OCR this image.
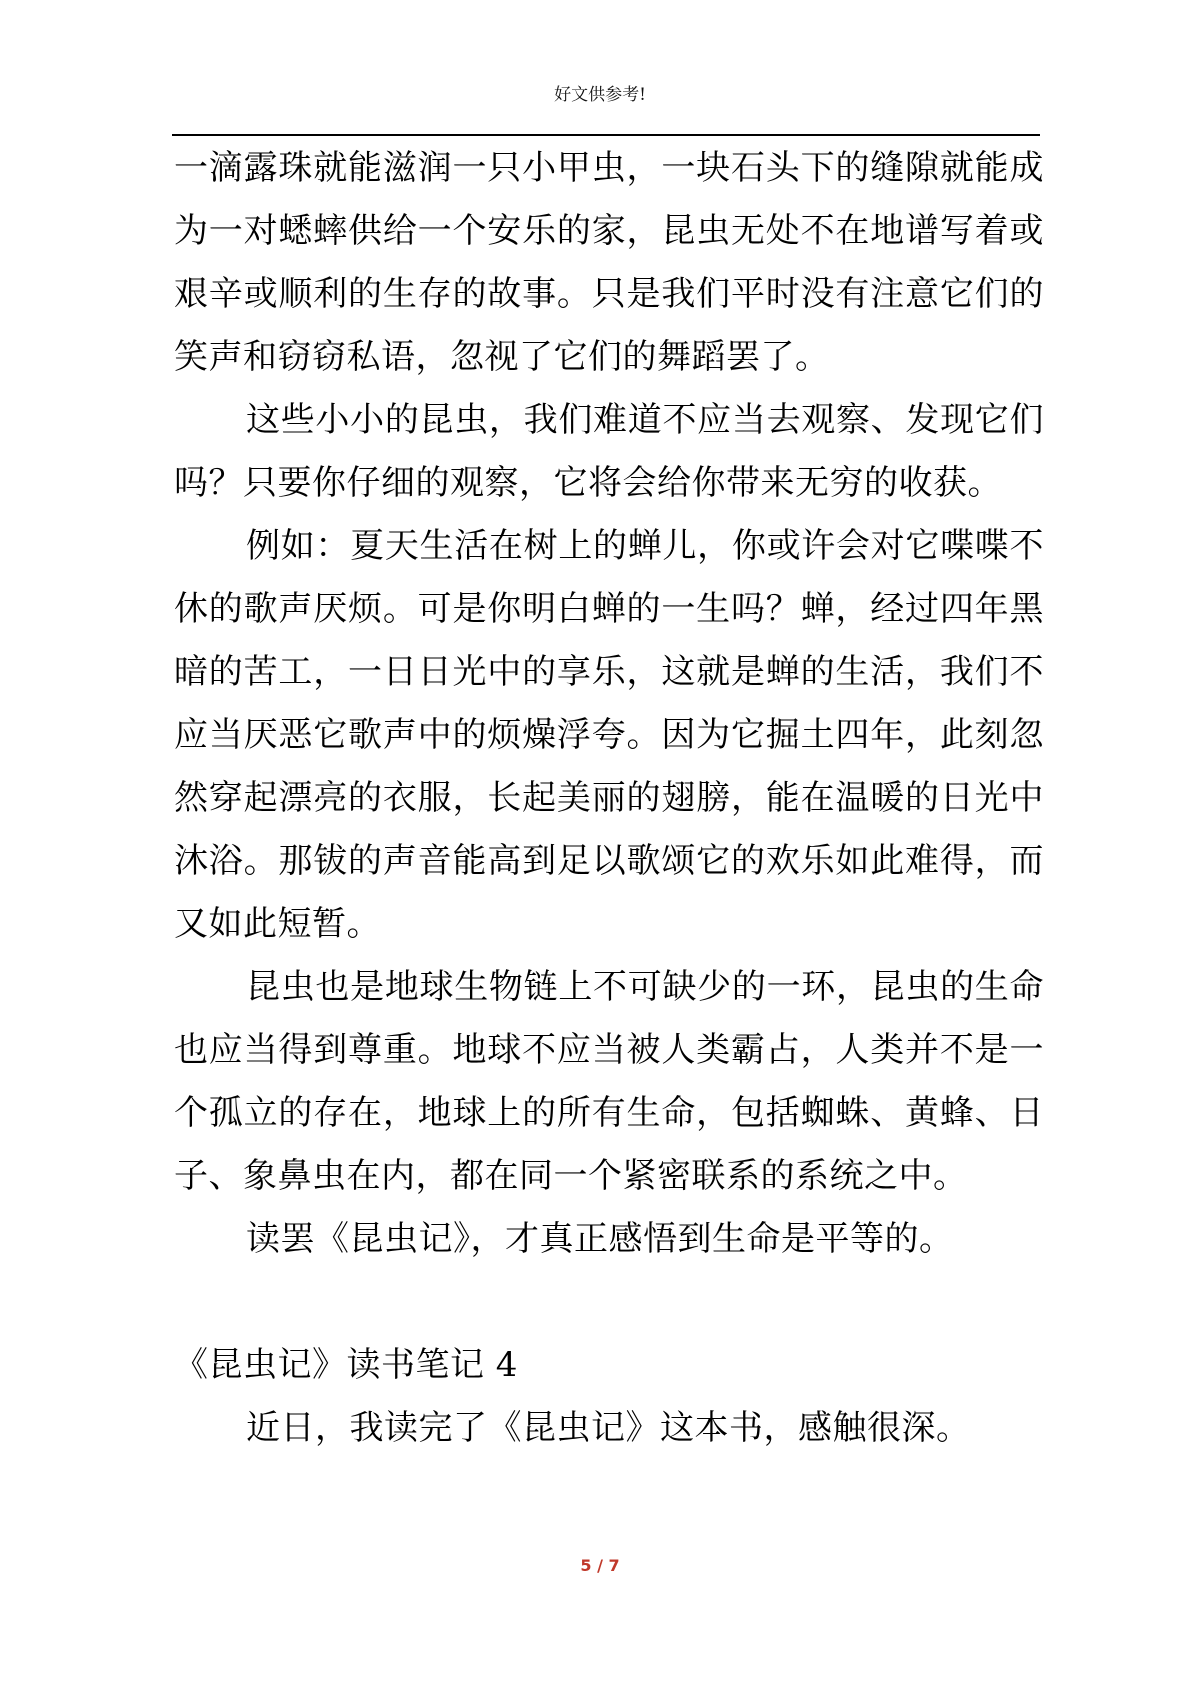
好文供参考!

一滴露珠就能滋润一只小甲虫，一块石头下的缝隙就能成为一对蟋蟀供给一个安乐的家，昆虫无处不在地谱写着或艰辛或顺利的生存的故事。只是我们平时没有注意它们的笑声和窃窃私语，忽视了它们的舞蹈罢了。

这些小小的昆虫，我们难道不应当去观察、发现它们吗？只要你仔细的观察，它将会给你带来无穷的收获。

例如：夏天生活在树上的蝉儿，你或许会对它喋喋不休的歌声厌烦。可是你明白蝉的一生吗？蝉，经过四年黑暗的苦工，一日日光中的享乐，这就是蝉的生活，我们不应当厌恶它歌声中的烦燥浮夸。因为它掘土四年，此刻忽然穿起漂亮的衣服，长起美丽的翅膀，能在温暖的日光中沐浴。那钹的声音能高到足以歌颂它的欢乐如此难得，而又如此短暂。

昆虫也是地球生物链上不可缺少的一环，昆虫的生命也应当得到尊重。地球不应当被人类霸占，人类并不是一个孤立的存在，地球上的所有生命，包括蜘蛛、黄蜂、日子、象鼻虫在内，都在同一个紧密联系的系统之中。

读罢《昆虫记》，才真正感悟到生命是平等的。

《昆虫记》读书笔记 4

近日，我读完了《昆虫记》这本书，感触很深。

5 / 7
